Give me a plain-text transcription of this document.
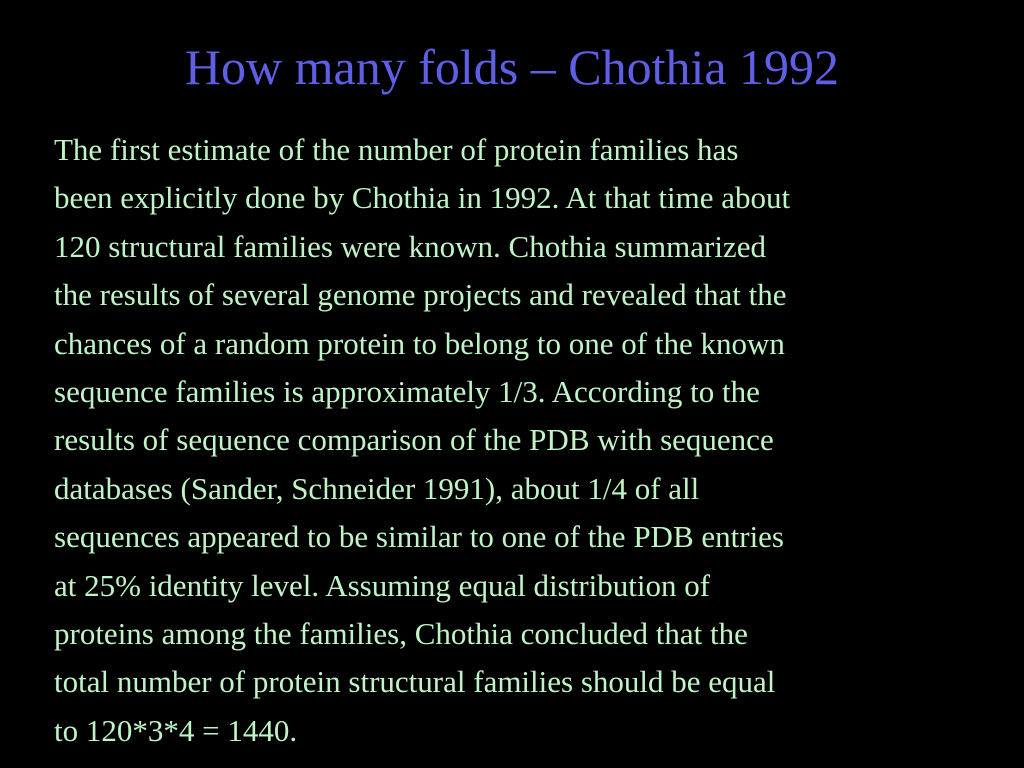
How many folds – Chothia 1992
The first estimate of the number of protein families has
been explicitly done by Chothia in 1992. At that time about
120 structural families were known. Chothia summarized
the results of several genome projects and revealed that the
chances of a random protein to belong to one of the known
sequence families is approximately 1/3. According to the
results of sequence comparison of the PDB with sequence
databases (Sander, Schneider 1991), about 1/4 of all
sequences appeared to be similar to one of the PDB entries
at 25% identity level. Assuming equal distribution of
proteins among the families, Chothia concluded that the
total number of protein structural families should be equal
to 120*3*4 = 1440.
